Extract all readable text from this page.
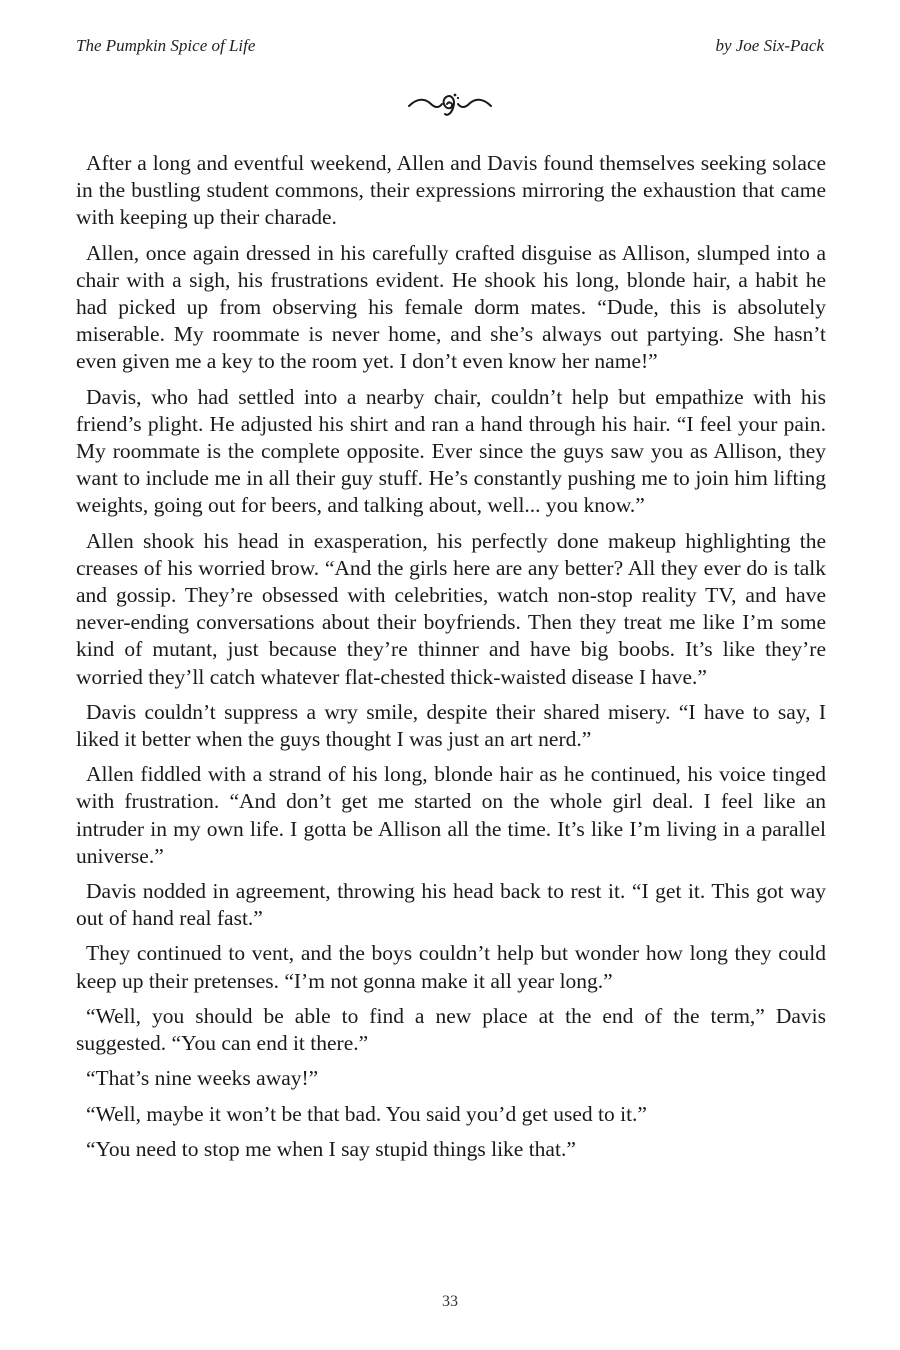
The Pumpkin Spice of Life	by Joe Six-Pack

After a long and eventful weekend, Allen and Davis found themselves seeking solace in the bustling student commons, their expressions mirroring the exhaustion that came with keeping up their charade.

Allen, once again dressed in his carefully crafted disguise as Allison, slumped into a chair with a sigh, his frustrations evident. He shook his long, blonde hair, a habit he had picked up from observing his female dorm mates. “Dude, this is absolutely miserable. My roommate is never home, and she’s always out partying. She hasn’t even given me a key to the room yet. I don’t even know her name!”

Davis, who had settled into a nearby chair, couldn’t help but empathize with his friend’s plight. He adjusted his shirt and ran a hand through his hair. “I feel your pain. My roommate is the complete opposite. Ever since the guys saw you as Allison, they want to include me in all their guy stuff. He’s constantly pushing me to join him lifting weights, going out for beers, and talking about, well... you know.”

Allen shook his head in exasperation, his perfectly done makeup highlighting the creases of his worried brow. “And the girls here are any better? All they ever do is talk and gossip. They’re obsessed with celebrities, watch non-stop reality TV, and have never-ending conversations about their boyfriends. Then they treat me like I’m some kind of mutant, just because they’re thinner and have big boobs. It’s like they’re worried they’ll catch whatever flat-chested thick-waisted disease I have.”

Davis couldn’t suppress a wry smile, despite their shared misery. “I have to say, I liked it better when the guys thought I was just an art nerd.”

Allen fiddled with a strand of his long, blonde hair as he continued, his voice tinged with frustration. “And don’t get me started on the whole girl deal. I feel like an intruder in my own life. I gotta be Allison all the time. It’s like I’m living in a parallel universe.”

Davis nodded in agreement, throwing his head back to rest it. “I get it. This got way out of hand real fast.”

They continued to vent, and the boys couldn’t help but wonder how long they could keep up their pretenses. “I’m not gonna make it all year long.”

“Well, you should be able to find a new place at the end of the term,” Davis suggested. “You can end it there.”

“That’s nine weeks away!”

“Well, maybe it won’t be that bad. You said you’d get used to it.”

“You need to stop me when I say stupid things like that.”

33
